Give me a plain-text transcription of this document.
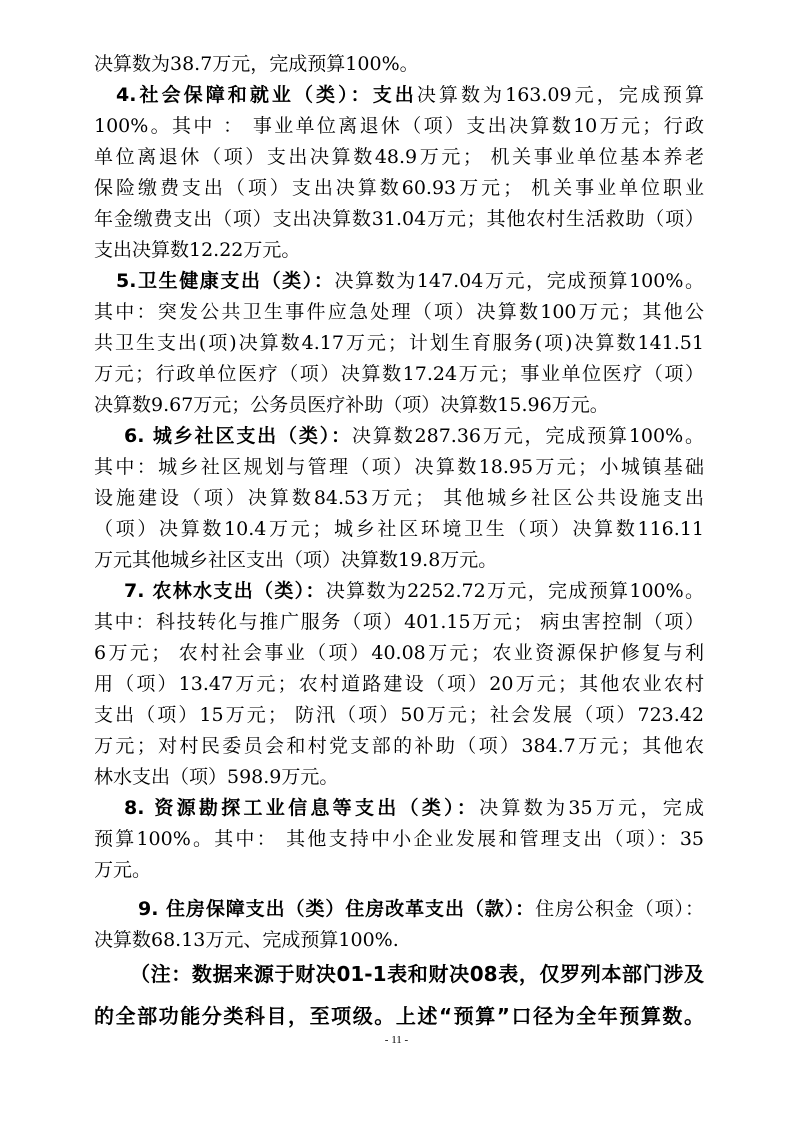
决算数为38.7万元，完成预算100%。
4.社会保障和就业（类）：支出决算数为163.09元，完成预算
100%。其中 ： 事业单位离退休（项）支出决算数10万元；行政
单位离退休（项）支出决算数48.9万元； 机关事业单位基本养老
保险缴费支出（项）支出决算数60.93万元； 机关事业单位职业
年金缴费支出（项）支出决算数31.04万元；其他农村生活救助（项）
支出决算数12.22万元。
5.卫生健康支出（类）：决算数为147.04万元，完成预算100%。
其中：突发公共卫生事件应急处理（项）决算数100万元；其他公
共卫生支出(项)决算数4.17万元；计划生育服务(项)决算数141.51
万元；行政单位医疗（项）决算数17.24万元；事业单位医疗（项）
决算数9.67万元；公务员医疗补助（项）决算数15.96万元。
6. 城乡社区支出（类）：决算数287.36万元，完成预算100%。
其中：城乡社区规划与管理（项）决算数18.95万元；小城镇基础
设施建设（项）决算数84.53万元； 其他城乡社区公共设施支出
（项）决算数10.4万元；城乡社区环境卫生（项）决算数116.11
万元其他城乡社区支出（项）决算数19.8万元。
7. 农林水支出（类）：决算数为2252.72万元，完成预算100%。
其中：科技转化与推广服务（项）401.15万元； 病虫害控制（项）
6万元； 农村社会事业（项）40.08万元；农业资源保护修复与利
用（项）13.47万元；农村道路建设（项）20万元；其他农业农村
支出（项）15万元； 防汛（项）50万元；社会发展（项）723.42
万元；对村民委员会和村党支部的补助（项）384.7万元；其他农
林水支出（项）598.9万元。
8. 资源勘探工业信息等支出（类）：决算数为35万元，完成
预算100%。其中： 其他支持中小企业发展和管理支出（项）：35
万元。
9. 住房保障支出（类）住房改革支出（款）：住房公积金（项）：
决算数68.13万元、完成预算100%.
（注：数据来源于财决01-1表和财决08表，仅罗列本部门涉及
的全部功能分类科目，至项级。上述“预算”口径为全年预算数。
- 11 -
